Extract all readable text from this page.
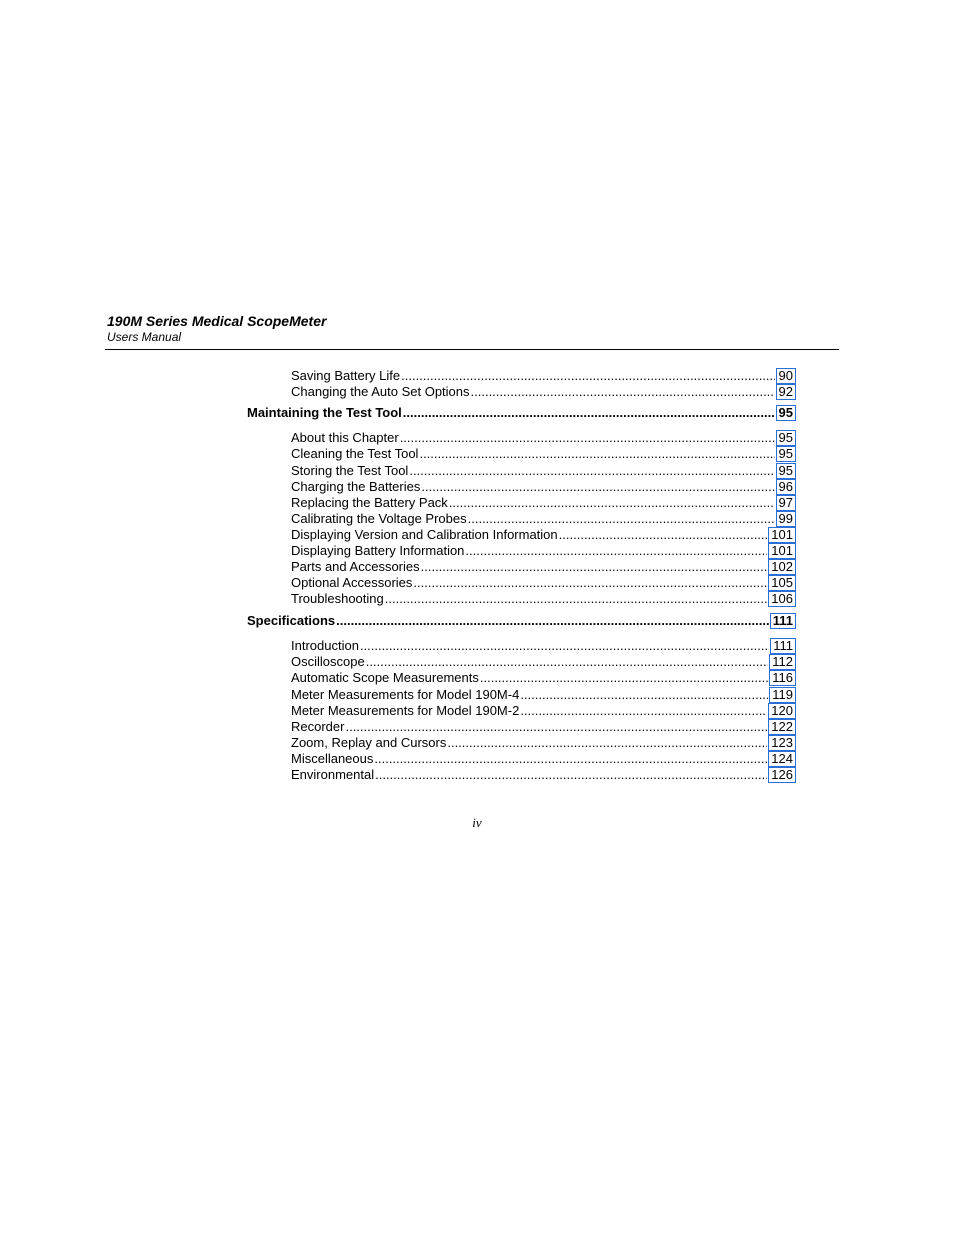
190M Series Medical ScopeMeter
Users Manual
Saving Battery Life .....	90
Changing the Auto Set Options .....	92
Maintaining the Test Tool .....	95
About this Chapter .....	95
Cleaning the Test Tool .....	95
Storing the Test Tool .....	95
Charging the Batteries .....	96
Replacing the Battery Pack .....	97
Calibrating the Voltage Probes .....	99
Displaying Version and Calibration Information .....	101
Displaying Battery Information .....	101
Parts and Accessories .....	102
Optional Accessories .....	105
Troubleshooting .....	106
Specifications .....	111
Introduction .....	111
Oscilloscope .....	112
Automatic Scope Measurements .....	116
Meter Measurements for Model 190M-4 .....	119
Meter Measurements for Model 190M-2 .....	120
Recorder .....	122
Zoom, Replay and Cursors .....	123
Miscellaneous .....	124
Environmental .....	126
iv
